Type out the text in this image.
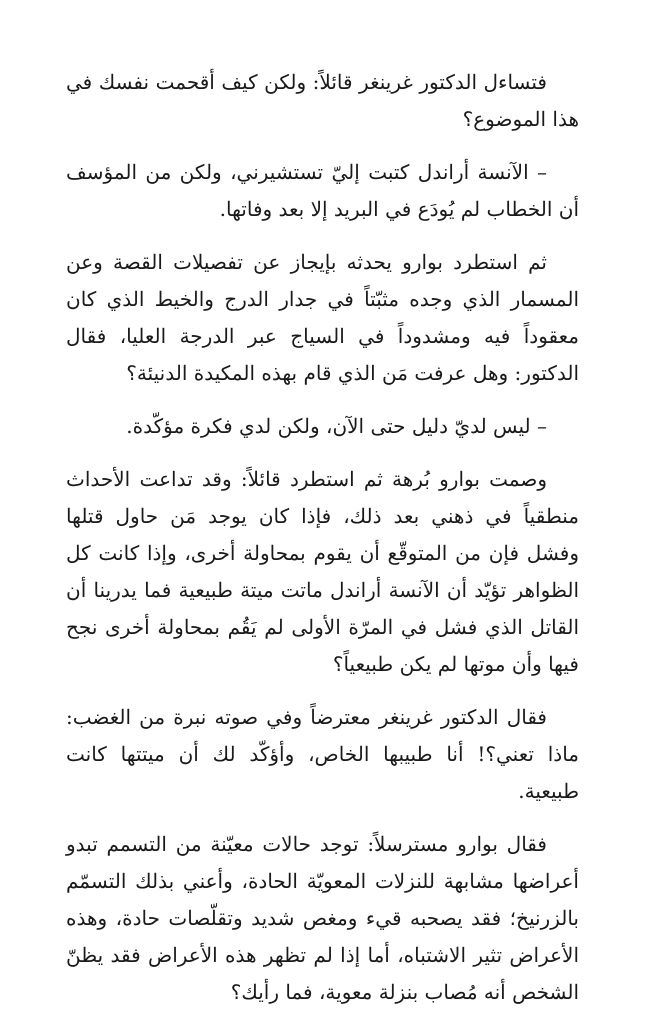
فتساءل الدكتور غرينغر قائلاً: ولكن كيف أقحمت نفسك في هذا الموضوع؟

– الآنسة أراندل كتبت إليّ تستشيرني، ولكن من المؤسف أن الخطاب لم يُودَع في البريد إلا بعد وفاتها.

ثم استطرد بوارو يحدثه بإيجاز عن تفصيلات القصة وعن المسمار الذي وجده مثبّتاً في جدار الدرج والخيط الذي كان معقوداً فيه ومشدوداً في السياج عبر الدرجة العليا، فقال الدكتور: وهل عرفت مَن الذي قام بهذه المكيدة الدنيئة؟

– ليس لديّ دليل حتى الآن، ولكن لدي فكرة مؤكّدة.

وصمت بوارو بُرهة ثم استطرد قائلاً: وقد تداعت الأحداث منطقياً في ذهني بعد ذلك، فإذا كان يوجد مَن حاول قتلها وفشل فإن من المتوقّع أن يقوم بمحاولة أخرى، وإذا كانت كل الظواهر تؤيّد أن الآنسة أراندل ماتت ميتة طبيعية فما يدرينا أن القاتل الذي فشل في المرّة الأولى لم يَقُم بمحاولة أخرى نجح فيها وأن موتها لم يكن طبيعياً؟

فقال الدكتور غرينغر معترضاً وفي صوته نبرة من الغضب: ماذا تعني؟! أنا طبيبها الخاص، وأؤكّد لك أن ميتتها كانت طبيعية.

فقال بوارو مسترسلاً: توجد حالات معيّنة من التسمم تبدو أعراضها مشابهة للنزلات المعويّة الحادة، وأعني بذلك التسمّم بالزرنيخ؛ فقد يصحبه قيء ومغص شديد وتقلّصات حادة، وهذه الأعراض تثير الاشتباه، أما إذا لم تظهر هذه الأعراض فقد يظنّ الشخص أنه مُصاب بنزلة معوية، فما رأيك؟
